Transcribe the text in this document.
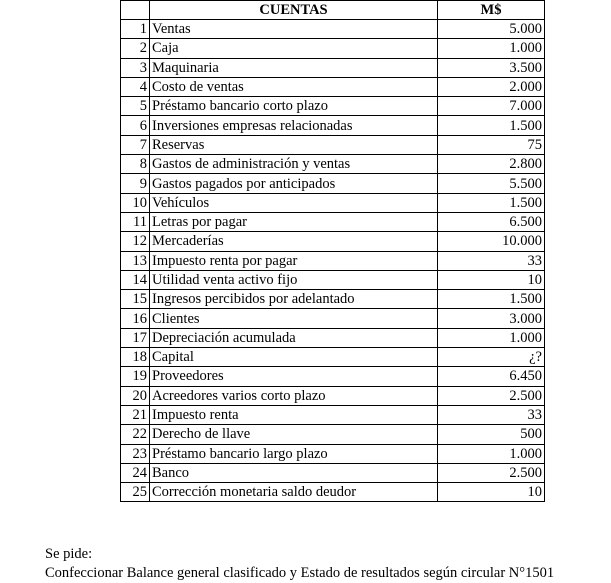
	CUENTAS	M$
1	Ventas	5.000
2	Caja	1.000
3	Maquinaria	3.500
4	Costo de ventas	2.000
5	Préstamo bancario corto plazo	7.000
6	Inversiones empresas relacionadas	1.500
7	Reservas	75
8	Gastos de administración y ventas	2.800
9	Gastos pagados por anticipados	5.500
10	Vehículos	1.500
11	Letras por pagar	6.500
12	Mercaderías	10.000
13	Impuesto renta por pagar	33
14	Utilidad venta activo fijo	10
15	Ingresos percibidos por adelantado	1.500
16	Clientes	3.000
17	Depreciación acumulada	1.000
18	Capital	¿?
19	Proveedores	6.450
20	Acreedores varios corto plazo	2.500
21	Impuesto renta	33
22	Derecho de llave	500
23	Préstamo bancario largo plazo	1.000
24	Banco	2.500
25	Corrección monetaria saldo deudor	10
Se pide:
Confeccionar Balance general clasificado y Estado de resultados según circular N°1501
